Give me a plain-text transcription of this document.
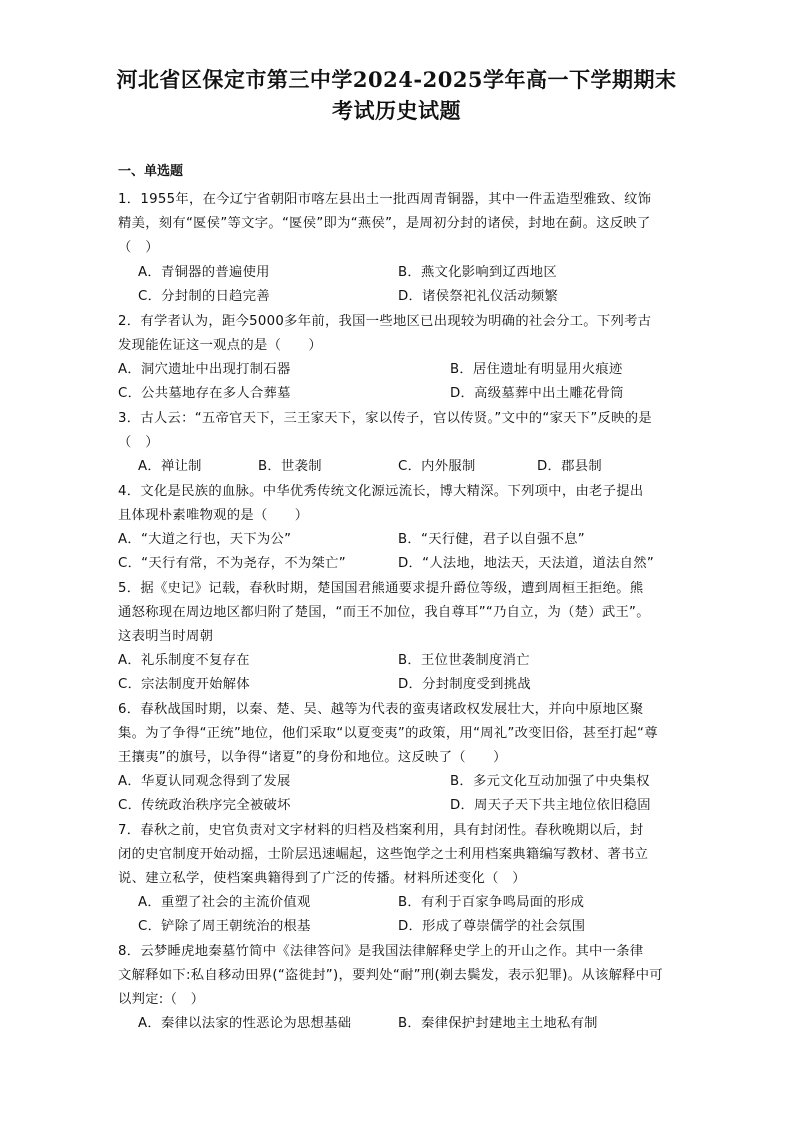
河北省区保定市第三中学2024-2025学年高一下学期期末
考试历史试题
一、单选题
1．1955年，在今辽宁省朝阳市喀左县出土一批西周青铜器，其中一件盂造型雅致、纹饰
精美，刻有“匽侯”等文字。“匽侯”即为“燕侯”，是周初分封的诸侯，封地在蓟。这反映了
（　）
A．青铜器的普遍使用	B．燕文化影响到辽西地区
C．分封制的日趋完善	D．诸侯祭祀礼仪活动频繁
2．有学者认为，距今5000多年前，我国一些地区已出现较为明确的社会分工。下列考古
发现能佐证这一观点的是（　　）
A．洞穴遗址中出现打制石器	B．居住遗址有明显用火痕迹
C．公共墓地存在多人合葬墓	D．高级墓葬中出土雕花骨筒
3．古人云：“五帝官天下，三王家天下，家以传子，官以传贤。”文中的“家天下”反映的是
（　）
A．禅让制	B．世袭制	C．内外服制	D．郡县制
4．文化是民族的血脉。中华优秀传统文化源远流长，博大精深。下列项中，由老子提出
且体现朴素唯物观的是（　　）
A．“大道之行也，天下为公”	B．“天行健，君子以自强不息”
C．“天行有常，不为尧存，不为桀亡”	D．“人法地，地法天，天法道，道法自然”
5．据《史记》记载，春秋时期，楚国国君熊通要求提升爵位等级，遭到周桓王拒绝。熊
通怒称现在周边地区都归附了楚国，“而王不加位，我自尊耳”“乃自立，为（楚）武王”。
这表明当时周朝
A．礼乐制度不复存在	B．王位世袭制度消亡
C．宗法制度开始解体	D．分封制度受到挑战
6．春秋战国时期，以秦、楚、吴、越等为代表的蛮夷诸政权发展壮大，并向中原地区聚
集。为了争得“正统”地位，他们采取“以夏变夷”的政策，用“周礼”改变旧俗，甚至打起“尊
王攘夷”的旗号，以争得“诸夏”的身份和地位。这反映了（　　）
A．华夏认同观念得到了发展	B．多元文化互动加强了中央集权
C．传统政治秩序完全被破坏	D．周天子天下共主地位依旧稳固
7．春秋之前，史官负责对文字材料的归档及档案利用，具有封闭性。春秋晚期以后，封
闭的史官制度开始动摇，士阶层迅速崛起，这些饱学之士利用档案典籍编写教材、著书立
说、建立私学，使档案典籍得到了广泛的传播。材料所述变化（　）
A．重塑了社会的主流价值观	B．有利于百家争鸣局面的形成
C．铲除了周王朝统治的根基	D．形成了尊崇儒学的社会氛围
8．云梦睡虎地秦墓竹简中《法律答问》是我国法律解释史学上的开山之作。其中一条律
文解释如下:私自移动田界(“盗徙封”)，要判处“耐”刑(剃去鬓发，表示犯罪)。从该解释中可
以判定:（　）
A．秦律以法家的性恶论为思想基础	B．秦律保护封建地主土地私有制
